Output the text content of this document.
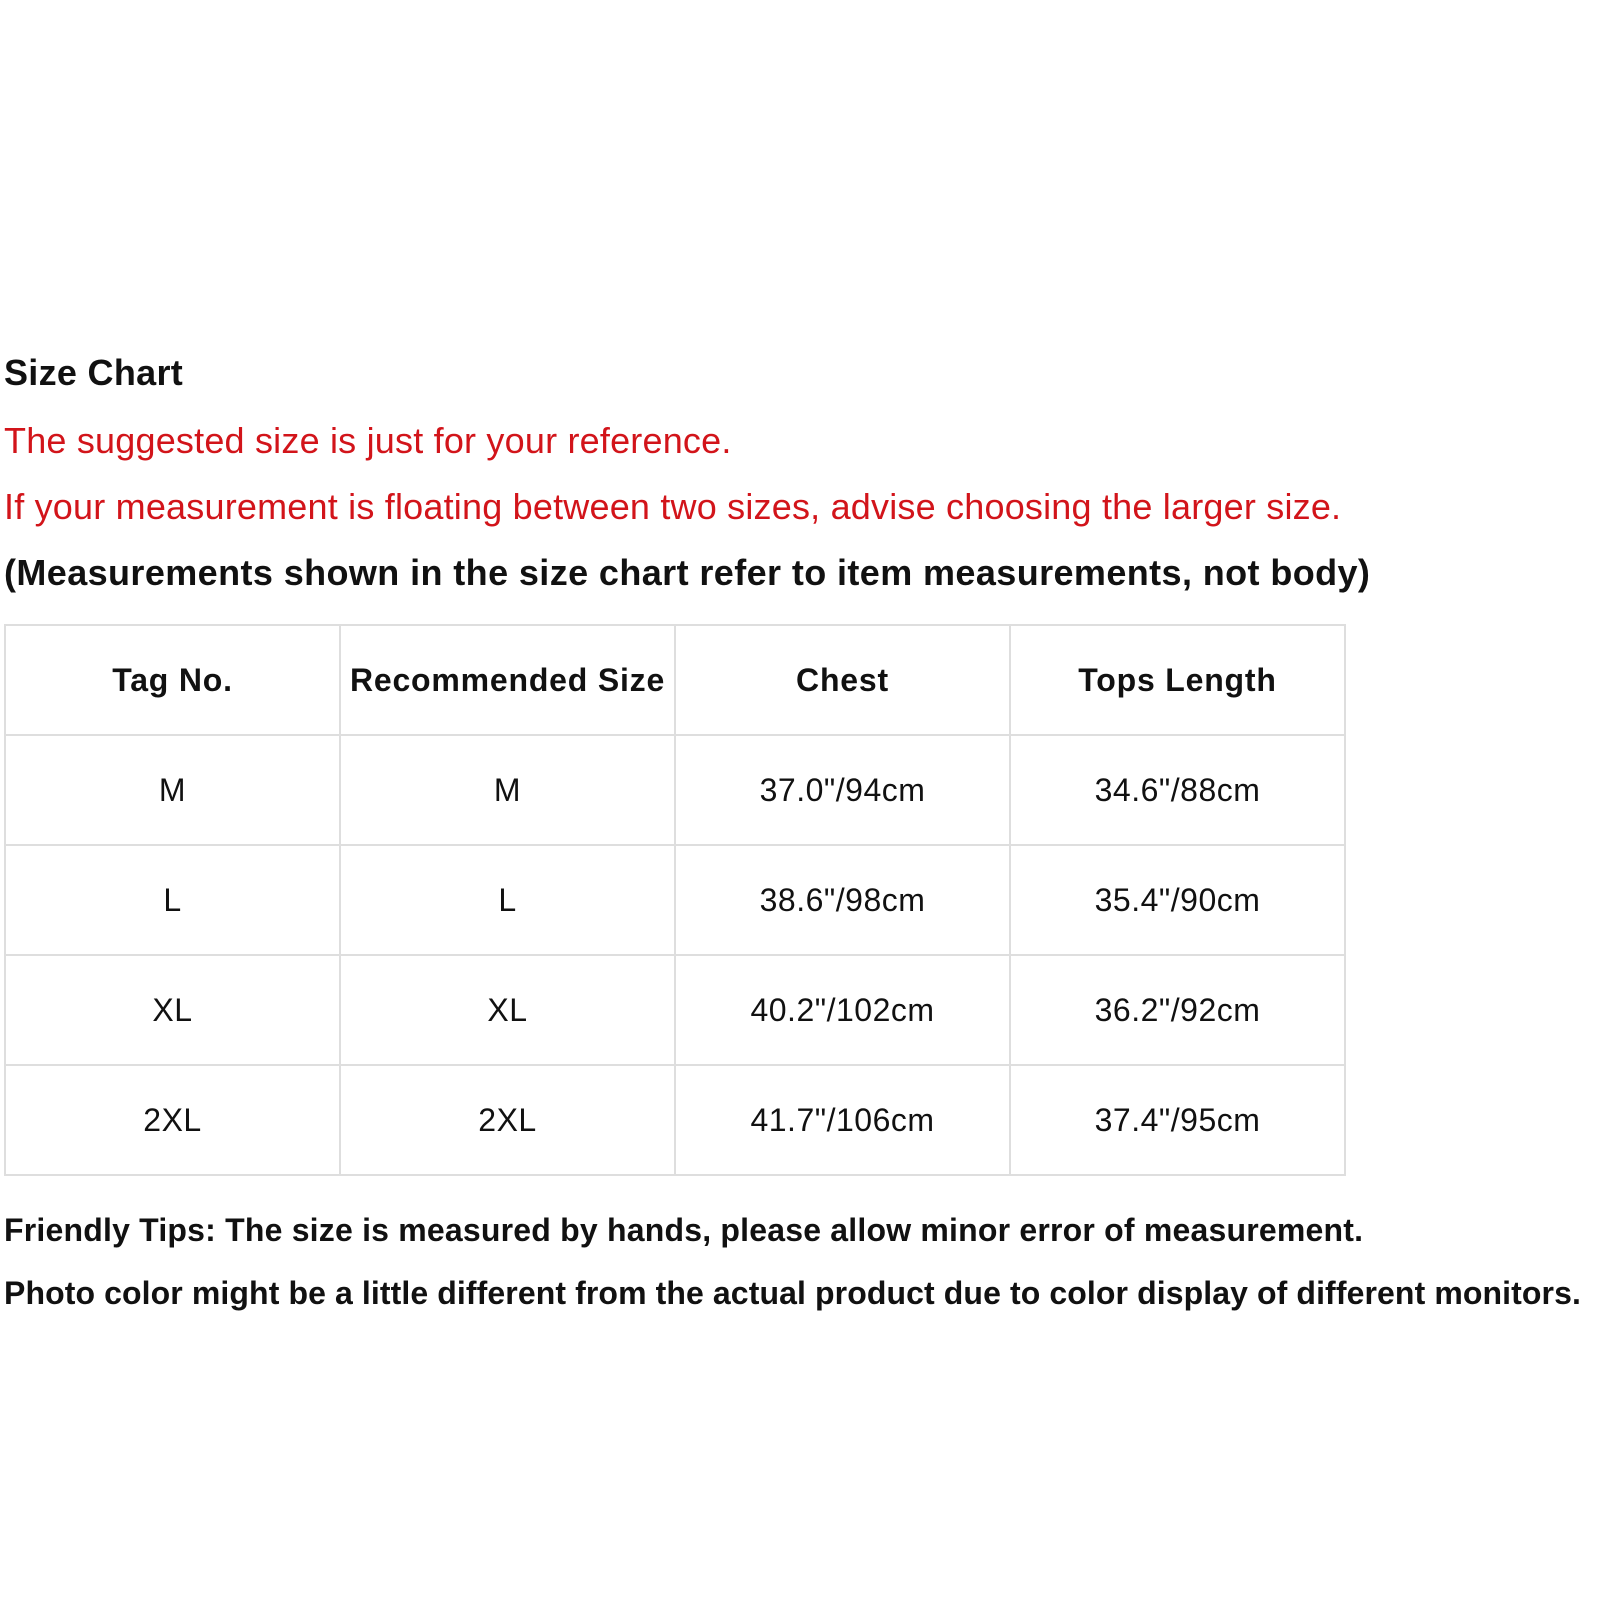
Size Chart
The suggested size is just for your reference.
If your measurement is floating between two sizes, advise choosing the larger size.
(Measurements shown in the size chart refer to item measurements, not body)
Tag No.	Recommended Size	Chest	Tops Length
M	M	37.0"/94cm	34.6"/88cm
L	L	38.6"/98cm	35.4"/90cm
XL	XL	40.2"/102cm	36.2"/92cm
2XL	2XL	41.7"/106cm	37.4"/95cm
Friendly Tips: The size is measured by hands, please allow minor error of measurement.
Photo color might be a little different from the actual product due to color display of different monitors.
